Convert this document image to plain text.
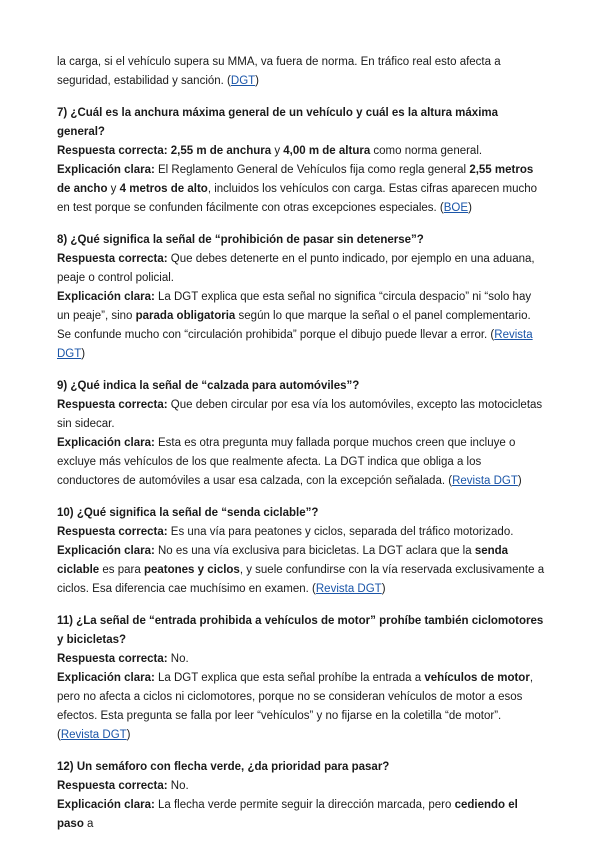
la carga, si el vehículo supera su MMA, va fuera de norma. En tráfico real esto afecta a seguridad, estabilidad y sanción. (DGT)

7) ¿Cuál es la anchura máxima general de un vehículo y cuál es la altura máxima general?

Respuesta correcta: 2,55 m de anchura y 4,00 m de altura como norma general.

Explicación clara: El Reglamento General de Vehículos fija como regla general 2,55 metros de ancho y 4 metros de alto, incluidos los vehículos con carga. Estas cifras aparecen mucho en test porque se confunden fácilmente con otras excepciones especiales. (BOE)

8) ¿Qué significa la señal de “prohibición de pasar sin detenerse”?

Respuesta correcta: Que debes detenerte en el punto indicado, por ejemplo en una aduana, peaje o control policial.

Explicación clara: La DGT explica que esta señal no significa “circula despacio” ni “solo hay un peaje”, sino parada obligatoria según lo que marque la señal o el panel complementario. Se confunde mucho con “circulación prohibida” porque el dibujo puede llevar a error. (Revista DGT)

9) ¿Qué indica la señal de “calzada para automóviles”?

Respuesta correcta: Que deben circular por esa vía los automóviles, excepto las motocicletas sin sidecar.

Explicación clara: Esta es otra pregunta muy fallada porque muchos creen que incluye o excluye más vehículos de los que realmente afecta. La DGT indica que obliga a los conductores de automóviles a usar esa calzada, con la excepción señalada. (Revista DGT)

10) ¿Qué significa la señal de “senda ciclable”?

Respuesta correcta: Es una vía para peatones y ciclos, separada del tráfico motorizado.

Explicación clara: No es una vía exclusiva para bicicletas. La DGT aclara que la senda ciclable es para peatones y ciclos, y suele confundirse con la vía reservada exclusivamente a ciclos. Esa diferencia cae muchísimo en examen. (Revista DGT)

11) ¿La señal de “entrada prohibida a vehículos de motor” prohíbe también ciclomotores y bicicletas?

Respuesta correcta: No.

Explicación clara: La DGT explica que esta señal prohíbe la entrada a vehículos de motor, pero no afecta a ciclos ni ciclomotores, porque no se consideran vehículos de motor a esos efectos. Esta pregunta se falla por leer “vehículos” y no fijarse en la coletilla “de motor”. (Revista DGT)

12) Un semáforo con flecha verde, ¿da prioridad para pasar?

Respuesta correcta: No.

Explicación clara: La flecha verde permite seguir la dirección marcada, pero cediendo el paso a
